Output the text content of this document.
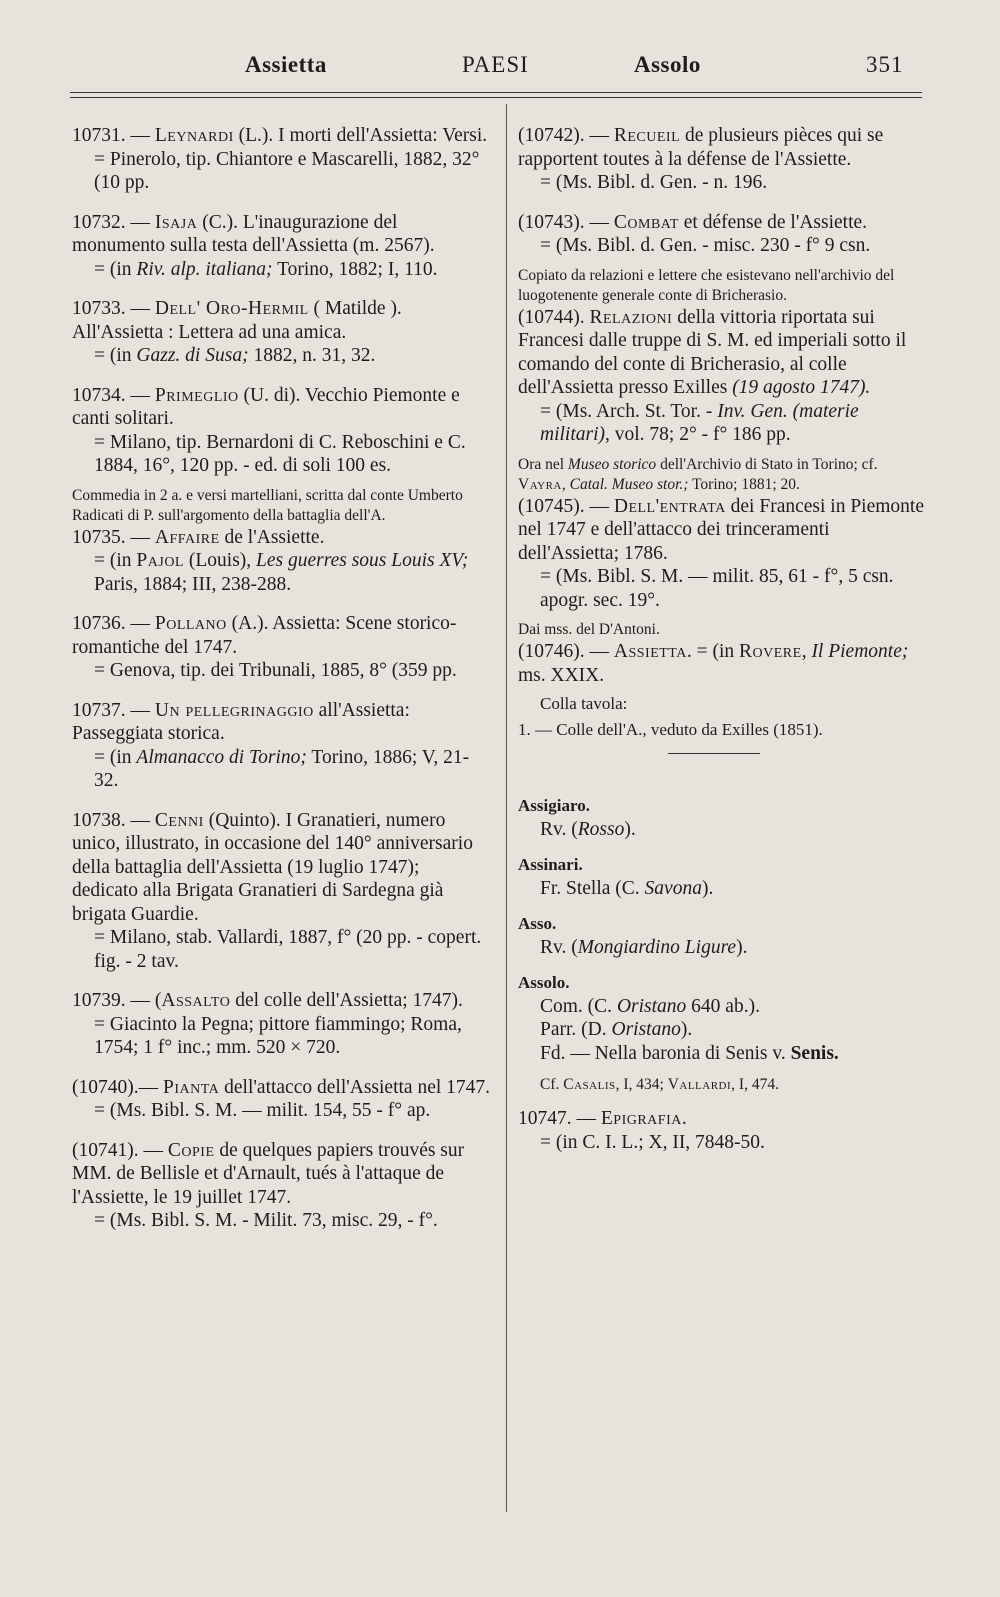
Assietta	PAESI	Assolo	351

10731. — Leynardi (L.). I morti dell'Assietta: Versi.

= Pinerolo, tip. Chiantore e Mascarelli, 1882, 32° (10 pp.

10732. — Isaja (C.). L'inaugurazione del monumento sulla testa dell'Assietta (m. 2567).

= (in Riv. alp. italiana; Torino, 1882; I, 110.

10733. — Dell' Oro-Hermil ( Matilde ). All'Assietta : Lettera ad una amica.

= (in Gazz. di Susa; 1882, n. 31, 32.

10734. — Primeglio (U. di). Vecchio Piemonte e canti solitari.

= Milano, tip. Bernardoni di C. Reboschini e C. 1884, 16°, 120 pp. - ed. di soli 100 es.

Commedia in 2 a. e versi martelliani, scritta dal conte Umberto Radicati di P. sull'argomento della battaglia dell'A.

10735. — Affaire de l'Assiette.

= (in Pajol (Louis), Les guerres sous Louis XV; Paris, 1884; III, 238-288.

10736. — Pollano (A.). Assietta: Scene storico-romantiche del 1747.

= Genova, tip. dei Tribunali, 1885, 8° (359 pp.

10737. — Un pellegrinaggio all'Assietta: Passeggiata storica.

= (in Almanacco di Torino; Torino, 1886; V, 21-32.

10738. — Cenni (Quinto). I Granatieri, numero unico, illustrato, in occasione del 140° anniversario della battaglia dell'Assietta (19 luglio 1747); dedicato alla Brigata Granatieri di Sardegna già brigata Guardie.

= Milano, stab. Vallardi, 1887, f° (20 pp. - copert. fig. - 2 tav.

10739. — (Assalto del colle dell'Assietta; 1747).

= Giacinto la Pegna; pittore fiammingo; Roma, 1754; 1 f° inc.; mm. 520 × 720.

(10740).— Pianta dell'attacco dell'Assietta nel 1747.

= (Ms. Bibl. S. M. — milit. 154, 55 - f° ap.

(10741). — Copie de quelques papiers trouvés sur MM. de Bellisle et d'Arnault, tués à l'attaque de l'Assiette, le 19 juillet 1747.

= (Ms. Bibl. S. M. - Milit. 73, misc. 29, - f°.

(10742). — Recueil de plusieurs pièces qui se rapportent toutes à la défense de l'Assiette.

= (Ms. Bibl. d. Gen. - n. 196.

(10743). — Combat et défense de l'Assiette.

= (Ms. Bibl. d. Gen. - misc. 230 - f° 9 csn.

Copiato da relazioni e lettere che esistevano nell'archivio del luogotenente generale conte di Bricherasio.

(10744). Relazioni della vittoria riportata sui Francesi dalle truppe di S. M. ed imperiali sotto il comando del conte di Bricherasio, al colle dell'Assietta presso Exilles (19 agosto 1747).

= (Ms. Arch. St. Tor. - Inv. Gen. (materie militari), vol. 78; 2° - f° 186 pp.

Ora nel Museo storico dell'Archivio di Stato in Torino; cf. Vayra, Catal. Museo stor.; Torino; 1881; 20.

(10745). — Dell'entrata dei Francesi in Piemonte nel 1747 e dell'attacco dei trinceramenti dell'Assietta; 1786.

= (Ms. Bibl. S. M. — milit. 85, 61 - f°, 5 csn. apogr. sec. 19°.

Dai mss. del D'Antoni.

(10746). — Assietta. = (in Rovere, Il Piemonte; ms. XXIX.

Colla tavola:

1. — Colle dell'A., veduto da Exilles (1851).

Assigiaro.

Rv. (Rosso).

Assinari.

Fr. Stella (C. Savona).

Asso.

Rv. (Mongiardino Ligure).

Assolo.

Com. (C. Oristano 640 ab.).

Parr. (D. Oristano).

Fd. — Nella baronia di Senis v. Senis.

Cf. Casalis, I, 434; Vallardi, I, 474.

10747. — Epigrafia.

= (in C. I. L.; X, II, 7848-50.
